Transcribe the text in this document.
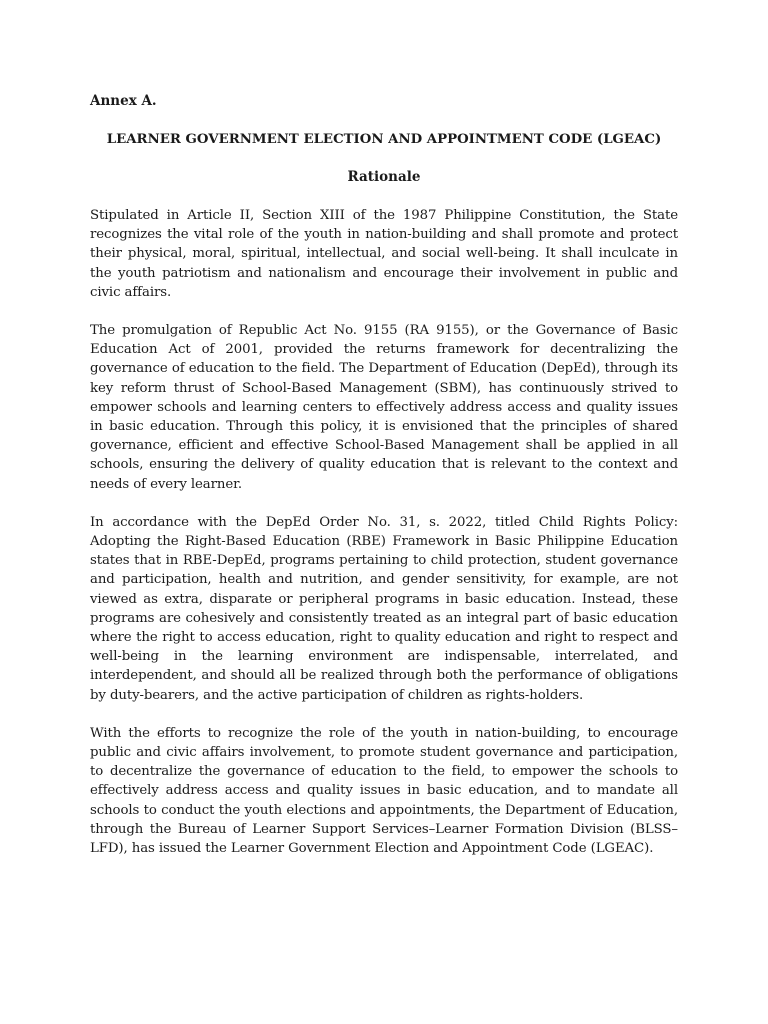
Annex A.

LEARNER GOVERNMENT ELECTION AND APPOINTMENT CODE (LGEAC)

Rationale

Stipulated in Article II, Section XIII of the 1987 Philippine Constitution, the State recognizes the vital role of the youth in nation-building and shall promote and protect their physical, moral, spiritual, intellectual, and social well-being. It shall inculcate in the youth patriotism and nationalism and encourage their involvement in public and civic affairs.

The promulgation of Republic Act No. 9155 (RA 9155), or the Governance of Basic Education Act of 2001, provided the returns framework for decentralizing the governance of education to the field. The Department of Education (DepEd), through its key reform thrust of School-Based Management (SBM), has continuously strived to empower schools and learning centers to effectively address access and quality issues in basic education. Through this policy, it is envisioned that the principles of shared governance, efficient and effective School-Based Management shall be applied in all schools, ensuring the delivery of quality education that is relevant to the context and needs of every learner.

In accordance with the DepEd Order No. 31, s. 2022, titled Child Rights Policy: Adopting the Right-Based Education (RBE) Framework in Basic Philippine Education states that in RBE-DepEd, programs pertaining to child protection, student governance and participation, health and nutrition, and gender sensitivity, for example, are not viewed as extra, disparate or peripheral programs in basic education. Instead, these programs are cohesively and consistently treated as an integral part of basic education where the right to access education, right to quality education and right to respect and well-being in the learning environment are indispensable, interrelated, and interdependent, and should all be realized through both the performance of obligations by duty-bearers, and the active participation of children as rights-holders.

With the efforts to recognize the role of the youth in nation-building, to encourage public and civic affairs involvement, to promote student governance and participation, to decentralize the governance of education to the field, to empower the schools to effectively address access and quality issues in basic education, and to mandate all schools to conduct the youth elections and appointments, the Department of Education, through the Bureau of Learner Support Services–Learner Formation Division (BLSS–LFD), has issued the Learner Government Election and Appointment Code (LGEAC).
